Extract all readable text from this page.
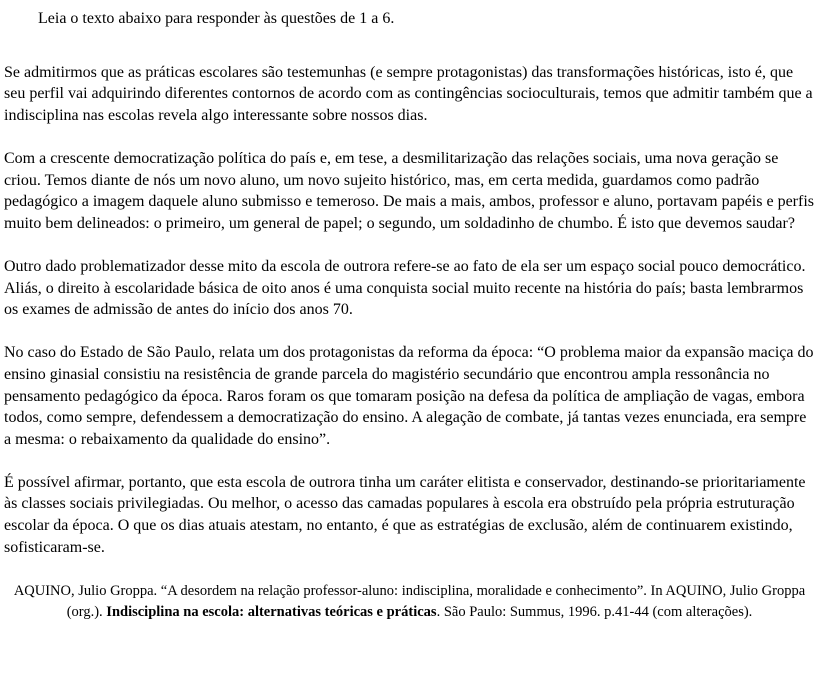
Leia o texto abaixo para responder às questões de 1 a 6.

Se admitirmos que as práticas escolares são testemunhas (e sempre protagonistas) das transformações históricas, isto é, que seu perfil vai adquirindo diferentes contornos de acordo com as contingências socioculturais, temos que admitir também que a indisciplina nas escolas revela algo interessante sobre nossos dias.

Com a crescente democratização política do país e, em tese, a desmilitarização das relações sociais, uma nova geração se criou. Temos diante de nós um novo aluno, um novo sujeito histórico, mas, em certa medida, guardamos como padrão pedagógico a imagem daquele aluno submisso e temeroso. De mais a mais, ambos, professor e aluno, portavam papéis e perfis muito bem delineados: o primeiro, um general de papel; o segundo, um soldadinho de chumbo. É isto que devemos saudar?

Outro dado problematizador desse mito da escola de outrora refere-se ao fato de ela ser um espaço social pouco democrático. Aliás, o direito à escolaridade básica de oito anos é uma conquista social muito recente na história do país; basta lembrarmos os exames de admissão de antes do início dos anos 70.

No caso do Estado de São Paulo, relata um dos protagonistas da reforma da época: “O problema maior da expansão maciça do ensino ginasial consistiu na resistência de grande parcela do magistério secundário que encontrou ampla ressonância no pensamento pedagógico da época. Raros foram os que tomaram posição na defesa da política de ampliação de vagas, embora todos, como sempre, defendessem a democratização do ensino. A alegação de combate, já tantas vezes enunciada, era sempre a mesma: o rebaixamento da qualidade do ensino”.

É possível afirmar, portanto, que esta escola de outrora tinha um caráter elitista e conservador, destinando-se prioritariamente às classes sociais privilegiadas. Ou melhor, o acesso das camadas populares à escola era obstruído pela própria estruturação escolar da época. O que os dias atuais atestam, no entanto, é que as estratégias de exclusão, além de continuarem existindo, sofisticaram-se.

AQUINO, Julio Groppa. “A desordem na relação professor-aluno: indisciplina, moralidade e conhecimento”. In AQUINO, Julio Groppa (org.). Indisciplina na escola: alternativas teóricas e práticas. São Paulo: Summus, 1996. p.41-44 (com alterações).
